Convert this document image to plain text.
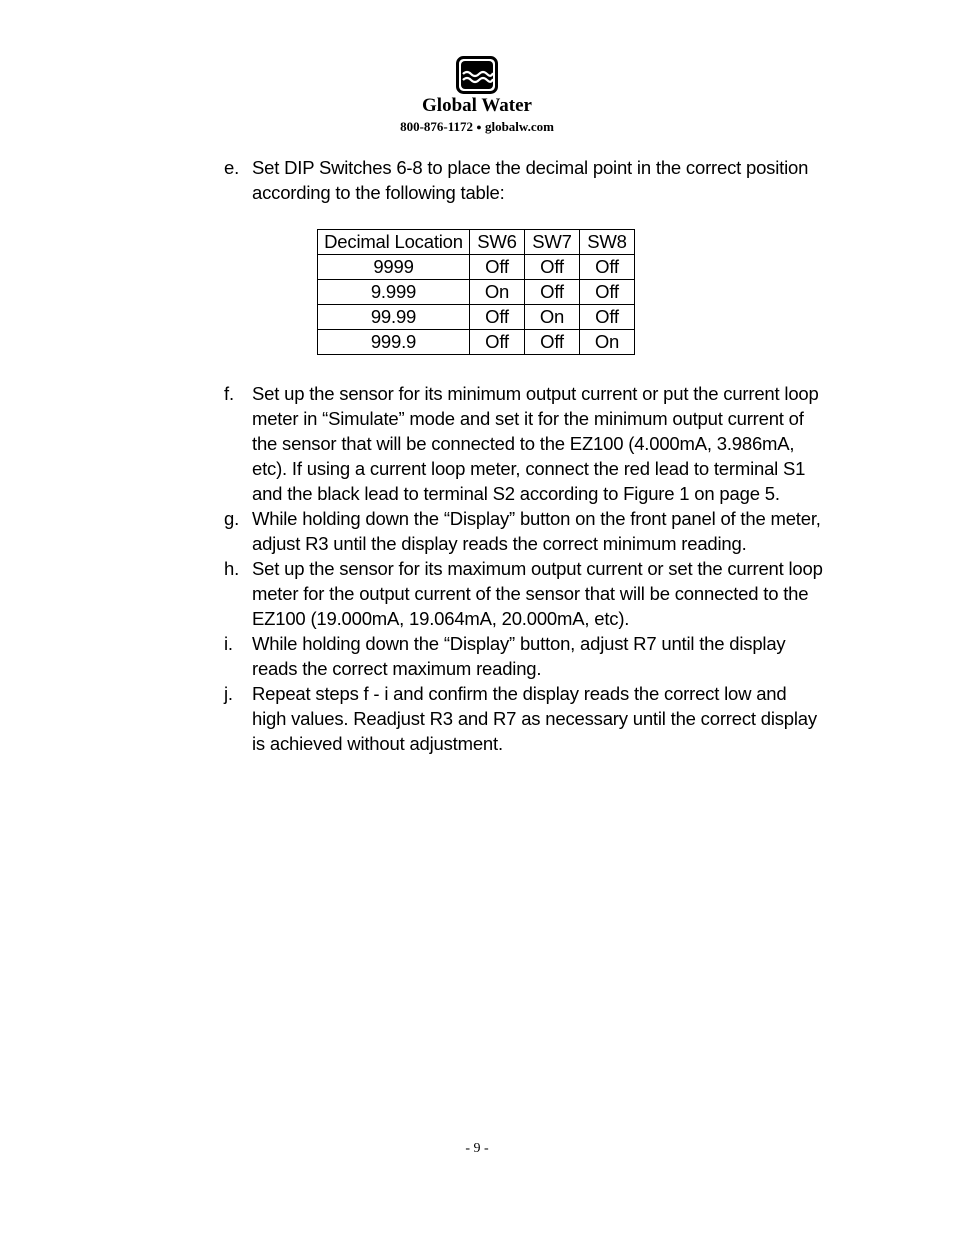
Global Water
800-876-1172 ● globalw.com
e. Set DIP Switches 6-8 to place the decimal point in the correct position according to the following table:
Decimal Location	SW6	SW7	SW8
9999	Off	Off	Off
9.999	On	Off	Off
99.99	Off	On	Off
999.9	Off	Off	On
f. Set up the sensor for its minimum output current or put the current loop meter in “Simulate” mode and set it for the minimum output current of the sensor that will be connected to the EZ100 (4.000mA, 3.986mA, etc). If using a current loop meter, connect the red lead to terminal S1 and the black lead to terminal S2 according to Figure 1 on page 5.
g. While holding down the “Display” button on the front panel of the meter, adjust R3 until the display reads the correct minimum reading.
h. Set up the sensor for its maximum output current or set the current loop meter for the output current of the sensor that will be connected to the EZ100 (19.000mA, 19.064mA, 20.000mA, etc).
i. While holding down the “Display” button, adjust R7 until the display reads the correct maximum reading.
j. Repeat steps f - i and confirm the display reads the correct low and high values. Readjust R3 and R7 as necessary until the correct display is achieved without adjustment.
- 9 -
